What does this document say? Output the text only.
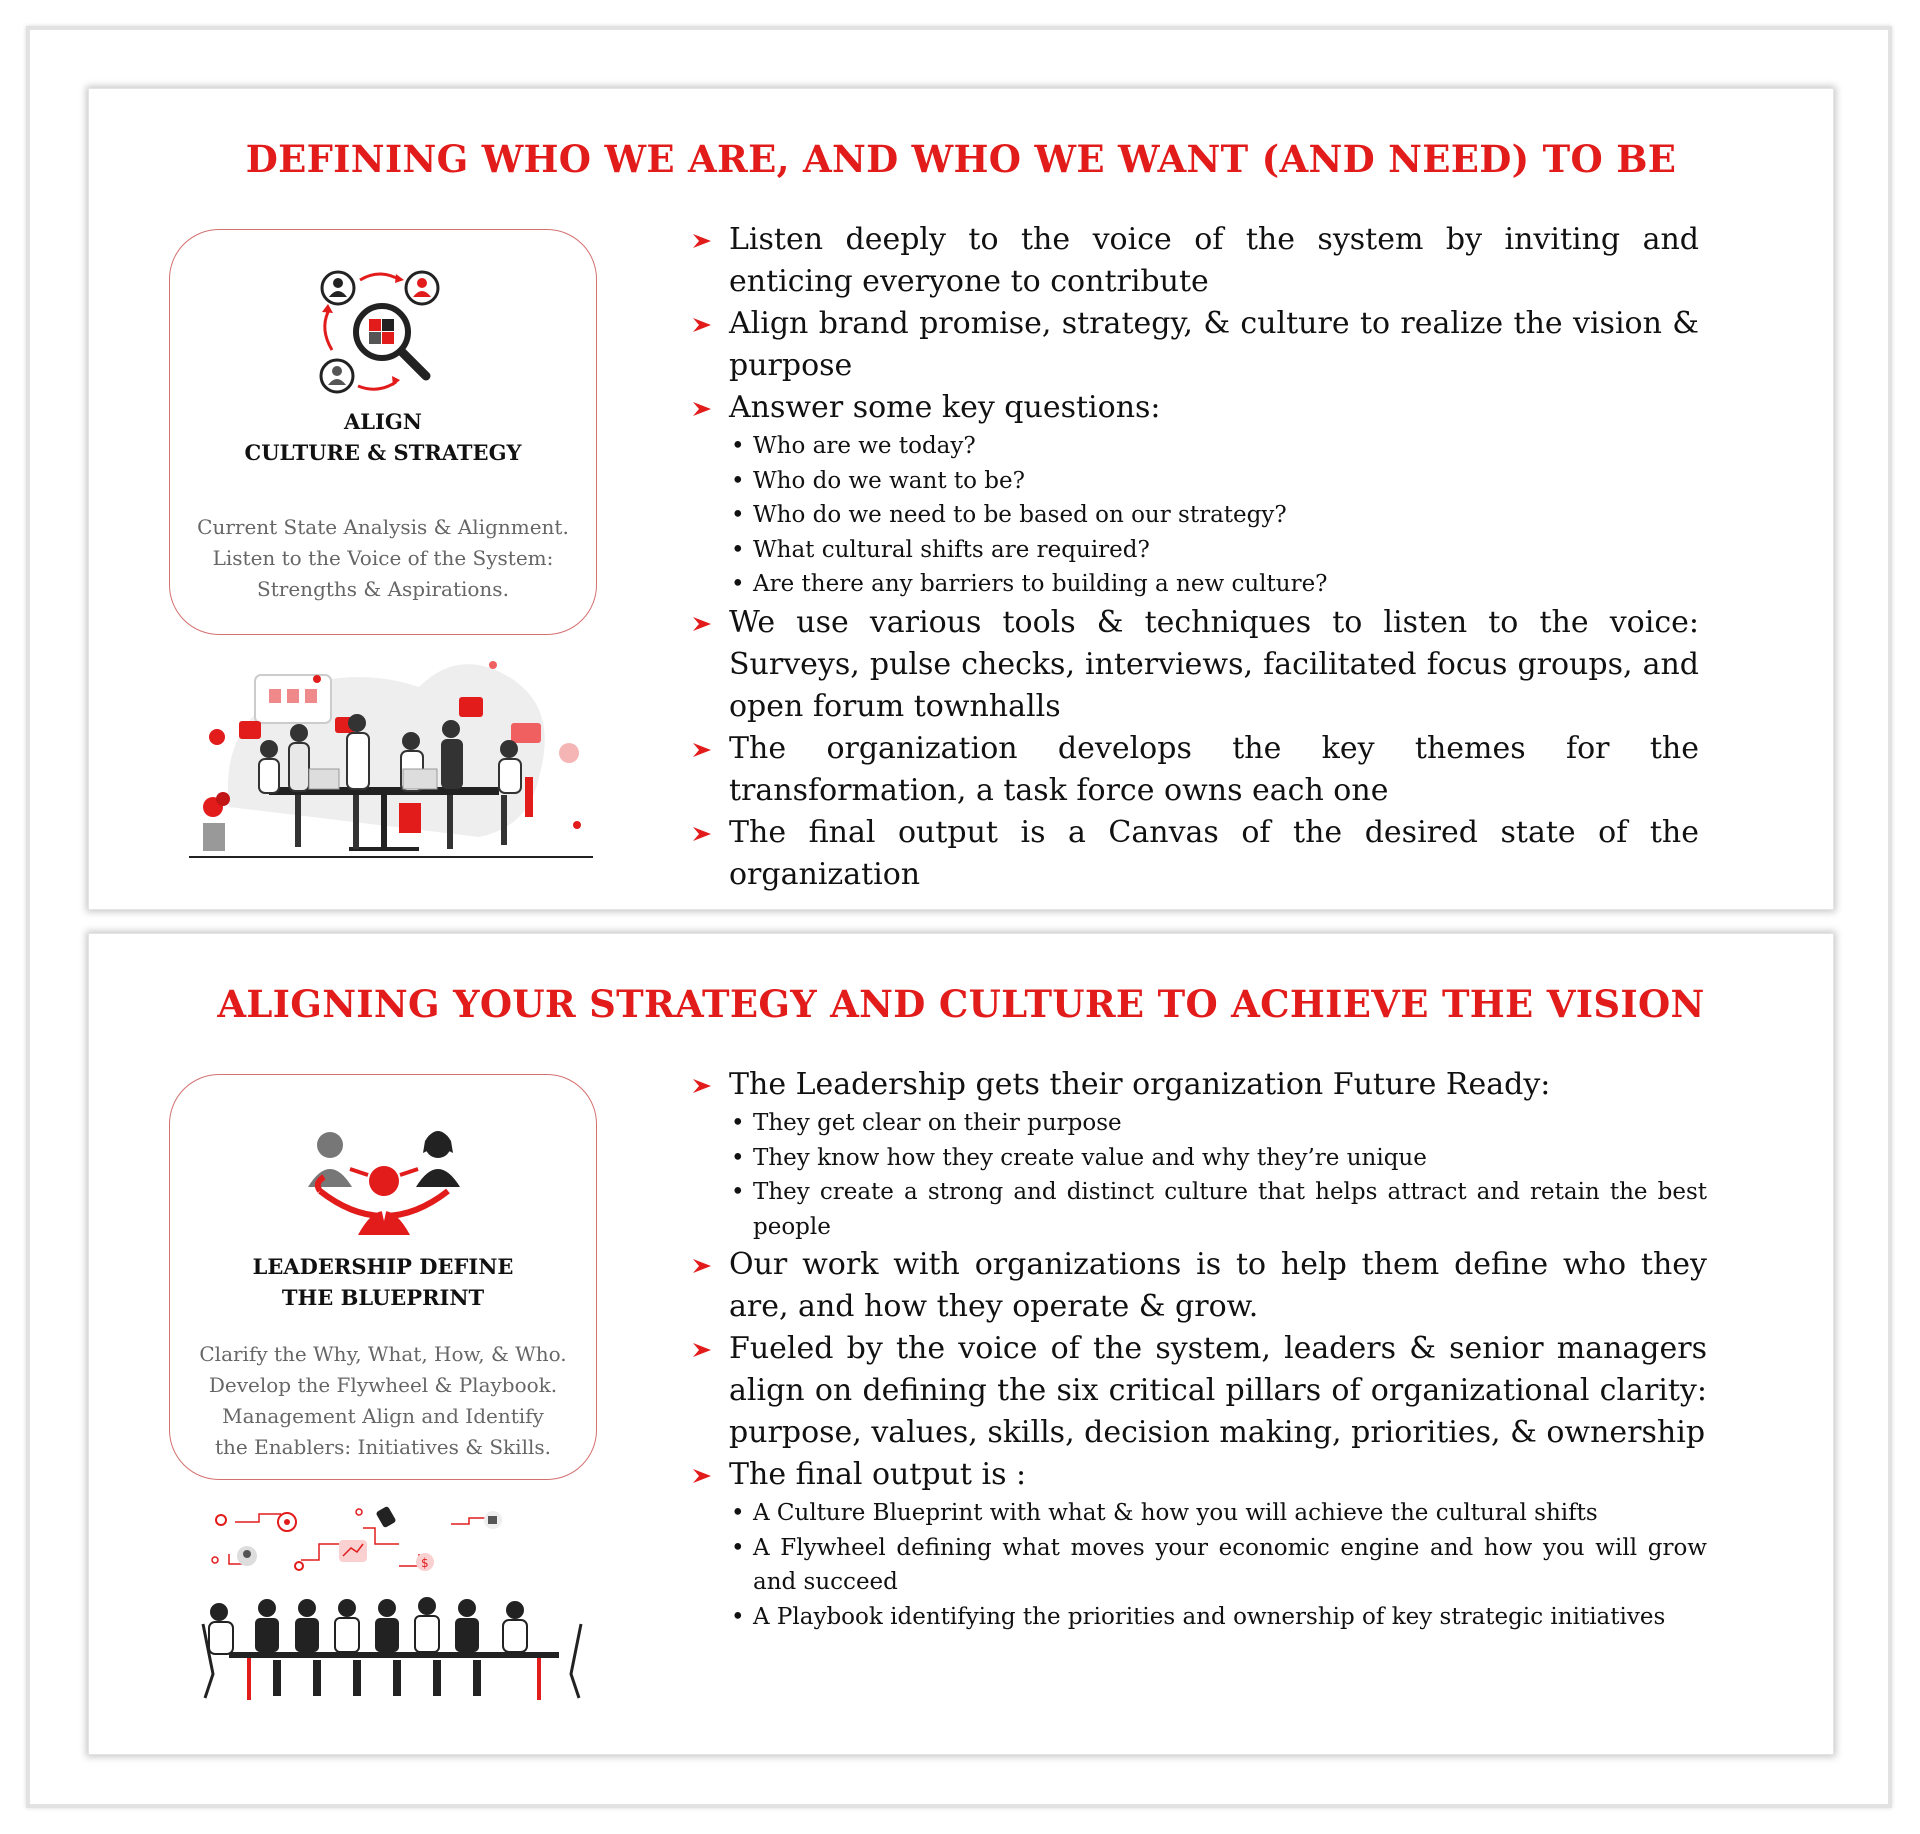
DEFINING WHO WE ARE, AND WHO WE WANT (AND NEED) TO BE
ALIGN
CULTURE & STRATEGY
Current State Analysis & Alignment.
Listen to the Voice of the System:
Strengths & Aspirations.
Listen deeply to the voice of the system by inviting and enticing everyone to contribute
Align brand promise, strategy, & culture to realize the vision & purpose
Answer some key questions:
• Who are we today?
• Who do we want to be?
• Who do we need to be based on our strategy?
• What cultural shifts are required?
• Are there any barriers to building a new culture?
We use various tools & techniques to listen to the voice: Surveys, pulse checks, interviews, facilitated focus groups, and open forum townhalls
The organization develops the key themes for the transformation, a task force owns each one
The final output is a Canvas of the desired state of the organization
ALIGNING YOUR STRATEGY AND CULTURE TO ACHIEVE THE VISION
LEADERSHIP DEFINE
THE BLUEPRINT
Clarify the Why, What, How, & Who.
Develop the Flywheel & Playbook.
Management Align and Identify
the Enablers: Initiatives & Skills.
$
The Leadership gets their organization Future Ready:
• They get clear on their purpose
• They know how they create value and why they’re unique
• They create a strong and distinct culture that helps attract and retain the best people
Our work with organizations is to help them define who they are, and how they operate & grow.
Fueled by the voice of the system, leaders & senior managers align on defining the six critical pillars of organizational clarity: purpose, values, skills, decision making, priorities, & ownership
The final output is :
• A Culture Blueprint with what & how you will achieve the cultural shifts
• A Flywheel defining what moves your economic engine and how you will grow and succeed
• A Playbook identifying the priorities and ownership of key strategic initiatives
